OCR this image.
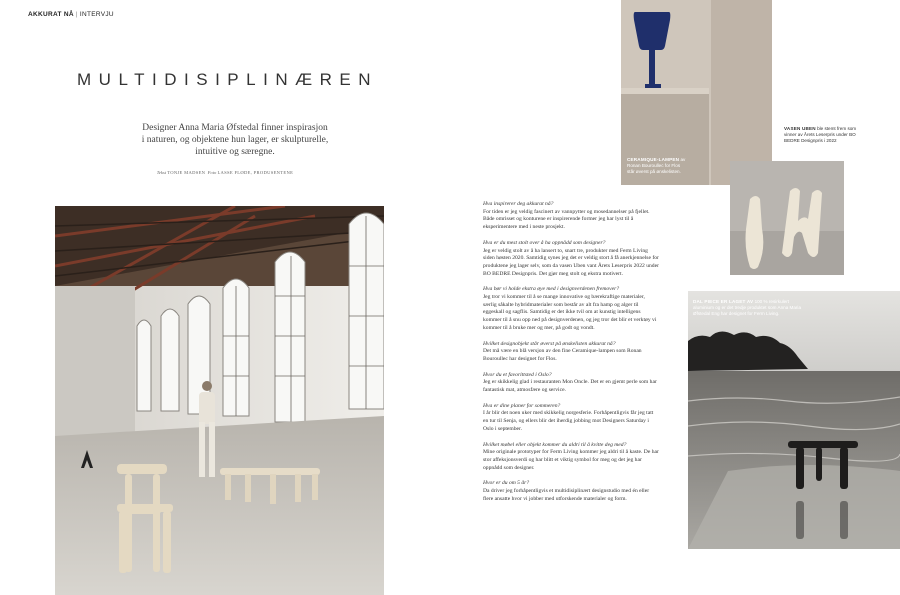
AKKURAT NÅ | INTERVJU
MULTIDISIPLINÆREN
Designer Anna Maria Øfstedal finner inspirasjon i naturen, og objektene hun lager, er skulpturelle, intuitive og særegne.
Tekst TONJE MADSEN Foto LASSE FLØDE, PRODUSENTENE

Hva inspirerer deg akkurat nå?

For tiden er jeg veldig fascinert av vannpytter og mosedannelser på fjellet. Både omrisset og konturene er inspirerende former jeg har lyst til å eksperimentere med i neste prosjekt.

Hva er du mest stolt over å ha oppnådd som designer?

Jeg er veldig stolt av å ha lansert to, snart tre, produkter med Ferm Living siden høsten 2020. Samtidig synes jeg det er veldig stort å få anerkjennelse for produktene jeg lager selv, som da vasen Uben vant Årets Leserpris 2022 under BO BEDRE Designpris. Det gjør meg stolt og ekstra motivert.

Hva bør vi holde ekstra øye med i designverdenen fremover?

Jeg tror vi kommer til å se mange innovative og bærekraftige materialer, særlig såkalte hybridmaterialer som består av alt fra hamp og alger til eggeskall og sagflis. Samtidig er det ikke tvil om at kunstig intelligens kommer til å snu opp ned på designverdenen, og jeg tror det blir et verktøy vi kommer til å bruke mer og mer, på godt og vondt.

Hvilket designobjekt står øverst på ønskelisten akkurat nå?

Det må være en blå versjon av den fine Ceramique-lampen som Ronan Bouroullec har designet for Flos.

Hvor du et favorittsted i Oslo?

Jeg er skikkelig glad i restauranten Mon Oncle. Det er en gjemt perle som har fantastisk mat, atmosfære og service.

Hva er dine planer for sommeren?

I år blir det noen uker med skikkelig norgesferie. Forhåpentligvis får jeg tatt en tur til Senja, og ellers blir det iherdig jobbing mot Designers Saturday i Oslo i september.

Hvilket møbel eller objekt kommer du aldri til å kvitte deg med?

Mine originale prototyper for Ferm Living kommer jeg aldri til å kaste. De har stor affeksjonsverdi og har blitt et viktig symbol for meg og det jeg har oppnådd som designer.

Hvor er du om 5 år?

Da driver jeg forhåpentligvis et multidisiplinært designstudio med én eller flere ansatte hvor vi jobber med utforskende materialer og form.

CERAMIQUE-LAMPEN av Ronan Bouroullec for Flos står øverst på ønskelisten.
VASEN UBEN ble stemt frem som vinner av Årets Leserpris under BO BEDRE Designpris i 2022
DAL PIECE ER LAGET AV 100 % resirkulert aluminium og er det tredje produktet som Anna Maria Øfstedal Eng har designet for Ferm Living.
